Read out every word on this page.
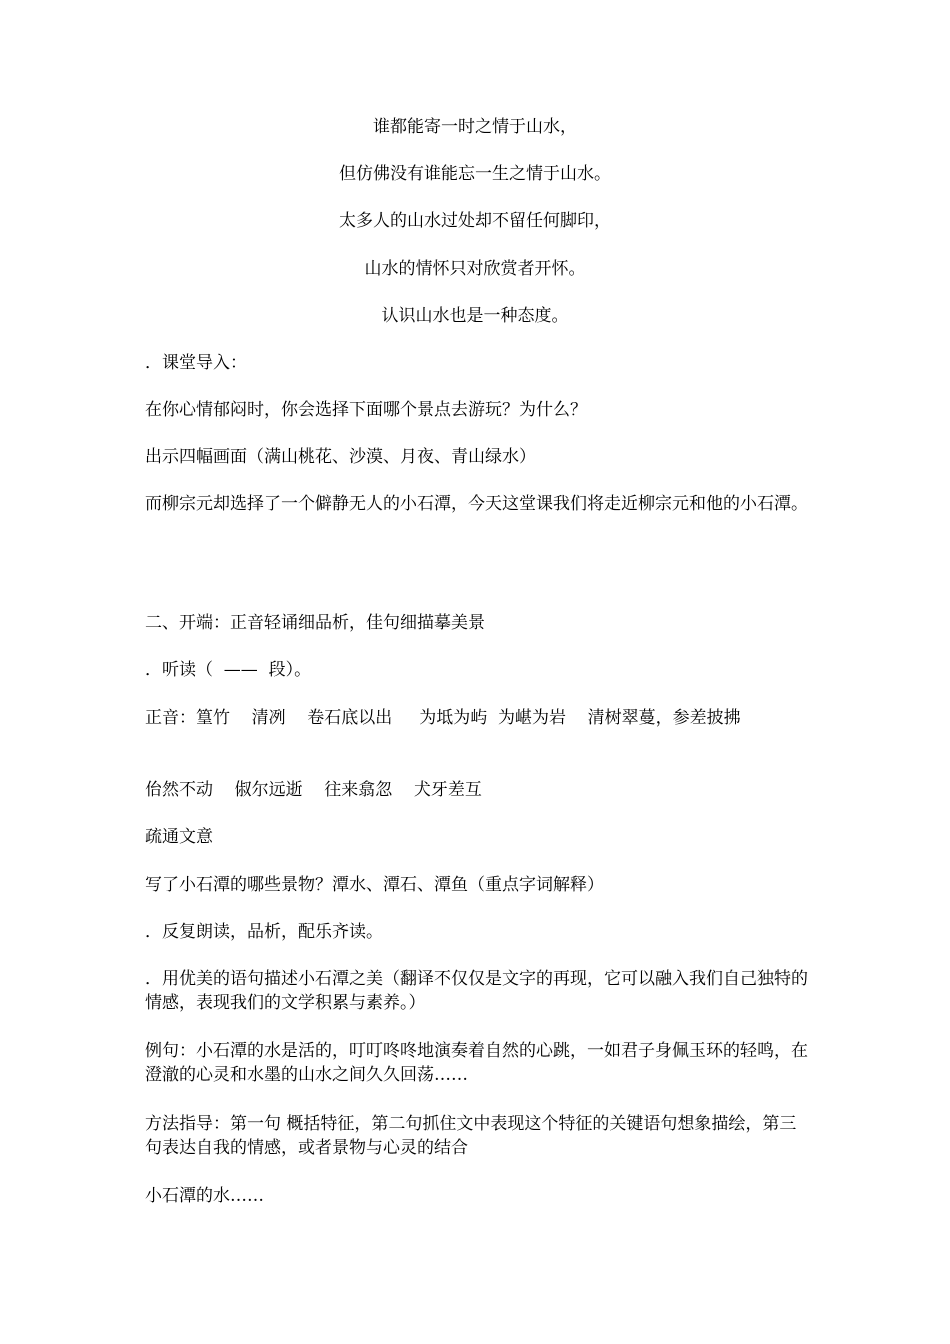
谁都能寄一时之情于山水，
但仿佛没有谁能忘一生之情于山水。
太多人的山水过处却不留任何脚印，
山水的情怀只对欣赏者开怀。
认识山水也是一种态度。
．课堂导入：
在你心情郁闷时，你会选择下面哪个景点去游玩？为什么？
出示四幅画面（满山桃花、沙漠、月夜、青山绿水）
而柳宗元却选择了一个僻静无人的小石潭，今天这堂课我们将走近柳宗元和他的小石潭。
二、开端：正音轻诵细品析，佳句细描摹美景
．听读（  ——  段）。
正音：篁竹    清冽    卷石底以出     为坻为屿  为嵁为岩    清树翠蔓，参差披拂
佁然不动    俶尔远逝    往来翕忽    犬牙差互
疏通文意
写了小石潭的哪些景物？潭水、潭石、潭鱼（重点字词解释）
．反复朗读，品析，配乐齐读。
．用优美的语句描述小石潭之美（翻译不仅仅是文字的再现，它可以融入我们自己独特的情感，表现我们的文学积累与素养。）
例句：小石潭的水是活的，叮叮咚咚地演奏着自然的心跳，一如君子身佩玉环的轻鸣，在澄澈的心灵和水墨的山水之间久久回荡……
方法指导：第一句 概括特征，第二句抓住文中表现这个特征的关键语句想象描绘，第三句表达自我的情感，或者景物与心灵的结合
小石潭的水……
